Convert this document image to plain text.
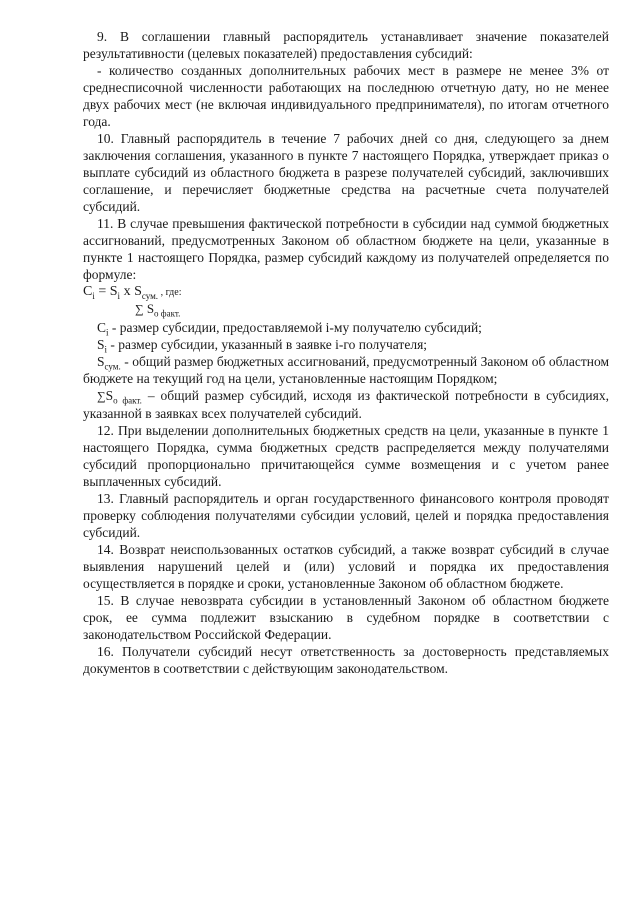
9. В соглашении главный распорядитель устанавливает значение показателей результативности (целевых показателей) предоставления субсидий:

- количество созданных дополнительных рабочих мест в размере не менее 3% от среднесписочной численности работающих на последнюю отчетную дату, но не менее двух рабочих мест (не включая индивидуального предпринимателя), по итогам отчетного года.

10. Главный распорядитель в течение 7 рабочих дней со дня, следующего за днем заключения соглашения, указанного в пункте 7 настоящего Порядка, утверждает приказ о выплате субсидий из областного бюджета в разрезе получателей субсидий, заключивших соглашение, и перечисляет бюджетные средства на расчетные счета получателей субсидий.

11. В случае превышения фактической потребности в субсидии над суммой бюджетных ассигнований, предусмотренных Законом об областном бюджете на цели, указанные в пункте 1 настоящего Порядка, размер субсидий каждому из получателей определяется по формуле:

$C_i = S_i$ x $S_{сум.}$ , где:
∑ $S_{o факт.}$

$C_i$ - размер субсидии, предоставляемой i-му получателю субсидий;

$S_i$ - размер субсидии, указанный в заявке i-го получателя;

$S_{сум.}$ - общий размер бюджетных ассигнований, предусмотренный Законом об областном бюджете на текущий год на цели, установленные настоящим Порядком;

$\sum S_{o факт.}$ – общий размер субсидий, исходя из фактической потребности в субсидиях, указанной в заявках всех получателей субсидий.

12. При выделении дополнительных бюджетных средств на цели, указанные в пункте 1 настоящего Порядка, сумма бюджетных средств распределяется между получателями субсидий пропорционально причитающейся сумме возмещения и с учетом ранее выплаченных субсидий.

13. Главный распорядитель и орган государственного финансового контроля проводят проверку соблюдения получателями субсидии условий, целей и порядка предоставления субсидий.

14. Возврат неиспользованных остатков субсидий, а также возврат субсидий в случае выявления нарушений целей и (или) условий и порядка их предоставления осуществляется в порядке и сроки, установленные Законом об областном бюджете.

15. В случае невозврата субсидии в установленный Законом об областном бюджете срок, ее сумма подлежит взысканию в судебном порядке в соответствии с законодательством Российской Федерации.

16. Получатели субсидий несут ответственность за достоверность представляемых документов в соответствии с действующим законодательством.
